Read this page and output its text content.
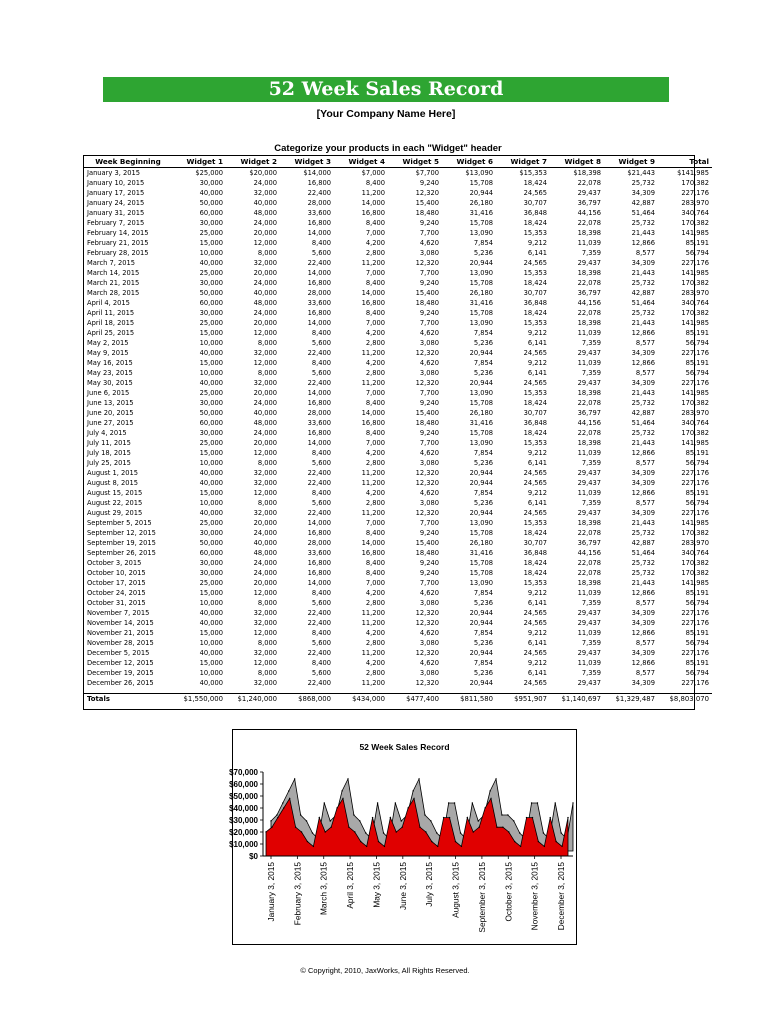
52 Week Sales Record
[Your Company Name Here]
Categorize your products in each "Widget" header
Week Beginning	Widget 1	Widget 2	Widget 3	Widget 4	Widget 5	Widget 6	Widget 7	Widget 8	Widget 9	Total
January 3, 2015	$25,000	$20,000	$14,000	$7,000	$7,700	$13,090	$15,353	$18,398	$21,443	$141,985
January 10, 2015	30,000	24,000	16,800	8,400	9,240	15,708	18,424	22,078	25,732	170,382
January 17, 2015	40,000	32,000	22,400	11,200	12,320	20,944	24,565	29,437	34,309	227,176
January 24, 2015	50,000	40,000	28,000	14,000	15,400	26,180	30,707	36,797	42,887	283,970
January 31, 2015	60,000	48,000	33,600	16,800	18,480	31,416	36,848	44,156	51,464	340,764
February 7, 2015	30,000	24,000	16,800	8,400	9,240	15,708	18,424	22,078	25,732	170,382
February 14, 2015	25,000	20,000	14,000	7,000	7,700	13,090	15,353	18,398	21,443	141,985
February 21, 2015	15,000	12,000	8,400	4,200	4,620	7,854	9,212	11,039	12,866	85,191
February 28, 2015	10,000	8,000	5,600	2,800	3,080	5,236	6,141	7,359	8,577	56,794
March 7, 2015	40,000	32,000	22,400	11,200	12,320	20,944	24,565	29,437	34,309	227,176
March 14, 2015	25,000	20,000	14,000	7,000	7,700	13,090	15,353	18,398	21,443	141,985
March 21, 2015	30,000	24,000	16,800	8,400	9,240	15,708	18,424	22,078	25,732	170,382
March 28, 2015	50,000	40,000	28,000	14,000	15,400	26,180	30,707	36,797	42,887	283,970
April 4, 2015	60,000	48,000	33,600	16,800	18,480	31,416	36,848	44,156	51,464	340,764
April 11, 2015	30,000	24,000	16,800	8,400	9,240	15,708	18,424	22,078	25,732	170,382
April 18, 2015	25,000	20,000	14,000	7,000	7,700	13,090	15,353	18,398	21,443	141,985
April 25, 2015	15,000	12,000	8,400	4,200	4,620	7,854	9,212	11,039	12,866	85,191
May 2, 2015	10,000	8,000	5,600	2,800	3,080	5,236	6,141	7,359	8,577	56,794
May 9, 2015	40,000	32,000	22,400	11,200	12,320	20,944	24,565	29,437	34,309	227,176
May 16, 2015	15,000	12,000	8,400	4,200	4,620	7,854	9,212	11,039	12,866	85,191
May 23, 2015	10,000	8,000	5,600	2,800	3,080	5,236	6,141	7,359	8,577	56,794
May 30, 2015	40,000	32,000	22,400	11,200	12,320	20,944	24,565	29,437	34,309	227,176
June 6, 2015	25,000	20,000	14,000	7,000	7,700	13,090	15,353	18,398	21,443	141,985
June 13, 2015	30,000	24,000	16,800	8,400	9,240	15,708	18,424	22,078	25,732	170,382
June 20, 2015	50,000	40,000	28,000	14,000	15,400	26,180	30,707	36,797	42,887	283,970
June 27, 2015	60,000	48,000	33,600	16,800	18,480	31,416	36,848	44,156	51,464	340,764
July 4, 2015	30,000	24,000	16,800	8,400	9,240	15,708	18,424	22,078	25,732	170,382
July 11, 2015	25,000	20,000	14,000	7,000	7,700	13,090	15,353	18,398	21,443	141,985
July 18, 2015	15,000	12,000	8,400	4,200	4,620	7,854	9,212	11,039	12,866	85,191
July 25, 2015	10,000	8,000	5,600	2,800	3,080	5,236	6,141	7,359	8,577	56,794
August 1, 2015	40,000	32,000	22,400	11,200	12,320	20,944	24,565	29,437	34,309	227,176
August 8, 2015	40,000	32,000	22,400	11,200	12,320	20,944	24,565	29,437	34,309	227,176
August 15, 2015	15,000	12,000	8,400	4,200	4,620	7,854	9,212	11,039	12,866	85,191
August 22, 2015	10,000	8,000	5,600	2,800	3,080	5,236	6,141	7,359	8,577	56,794
August 29, 2015	40,000	32,000	22,400	11,200	12,320	20,944	24,565	29,437	34,309	227,176
September 5, 2015	25,000	20,000	14,000	7,000	7,700	13,090	15,353	18,398	21,443	141,985
September 12, 2015	30,000	24,000	16,800	8,400	9,240	15,708	18,424	22,078	25,732	170,382
September 19, 2015	50,000	40,000	28,000	14,000	15,400	26,180	30,707	36,797	42,887	283,970
September 26, 2015	60,000	48,000	33,600	16,800	18,480	31,416	36,848	44,156	51,464	340,764
October 3, 2015	30,000	24,000	16,800	8,400	9,240	15,708	18,424	22,078	25,732	170,382
October 10, 2015	30,000	24,000	16,800	8,400	9,240	15,708	18,424	22,078	25,732	170,382
October 17, 2015	25,000	20,000	14,000	7,000	7,700	13,090	15,353	18,398	21,443	141,985
October 24, 2015	15,000	12,000	8,400	4,200	4,620	7,854	9,212	11,039	12,866	85,191
October 31, 2015	10,000	8,000	5,600	2,800	3,080	5,236	6,141	7,359	8,577	56,794
November 7, 2015	40,000	32,000	22,400	11,200	12,320	20,944	24,565	29,437	34,309	227,176
November 14, 2015	40,000	32,000	22,400	11,200	12,320	20,944	24,565	29,437	34,309	227,176
November 21, 2015	15,000	12,000	8,400	4,200	4,620	7,854	9,212	11,039	12,866	85,191
November 28, 2015	10,000	8,000	5,600	2,800	3,080	5,236	6,141	7,359	8,577	56,794
December 5, 2015	40,000	32,000	22,400	11,200	12,320	20,944	24,565	29,437	34,309	227,176
December 12, 2015	15,000	12,000	8,400	4,200	4,620	7,854	9,212	11,039	12,866	85,191
December 19, 2015	10,000	8,000	5,600	2,800	3,080	5,236	6,141	7,359	8,577	56,794
December 26, 2015	40,000	32,000	22,400	11,200	12,320	20,944	24,565	29,437	34,309	227,176

Totals	$1,550,000	$1,240,000	$868,000	$434,000	$477,400	$811,580	$951,907	$1,140,697	$1,329,487	$8,803,070
52 Week Sales Record
$0
$10,000
$20,000
$30,000
$40,000
$50,000
$60,000
$70,000
January 3, 2015 February 3, 2015 March 3, 2015 April 3, 2015 May 3, 2015 June 3, 2015 July 3, 2015 August 3, 2015 September 3, 2015 October 3, 2015 November 3, 2015 December 3, 2015
© Copyright, 2010, JaxWorks, All Rights Reserved.
